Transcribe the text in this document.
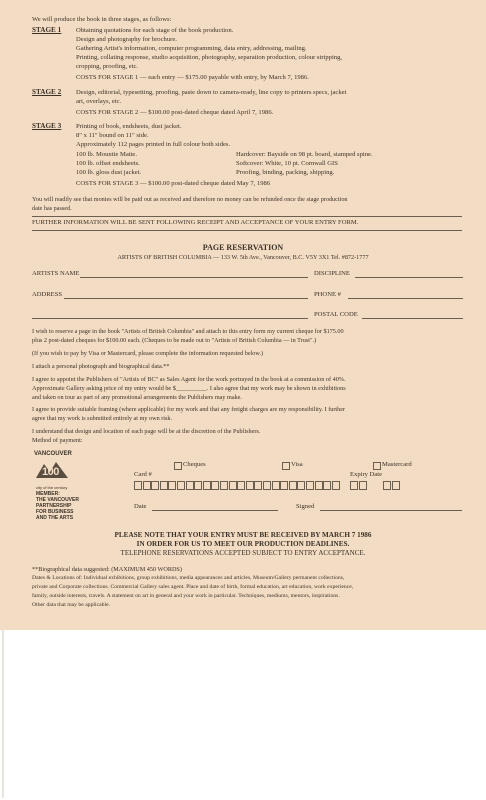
We will produce the book in three stages, as follows:
STAGE 1 Obtaining quotations for each stage of the book production.
Design and photography for brochure.
Gathering Artist's information, computer programming, data entry, addressing, mailing.
Printing, collating response, studio acquisition, photography, separation production, colour stripping,
cropping, proofing, etc.
COSTS FOR STAGE 1 — each entry — $175.00 payable with entry, by March 7, 1986.
STAGE 2 Design, editorial, typesetting, proofing, paste down to camera-ready, line copy to printers specs, jacket
art, overlays, etc.
COSTS FOR STAGE 2 — $100.00 post-dated cheque dated April 7, 1986.
STAGE 3 Printing of book, endsheets, dust jacket.
8" x 11" bound on 11" side.
Approximately 112 pages printed in full colour both sides.
100 lb. Mountie Matte.
100 lb. offset endsheets.
100 lb. gloss dust jacket.
Hardcover: Bayside on 98 pt. board, stamped spine.
Softcover: White, 10 pt. Cornwall GIS
Proofing, binding, packing, shipping.
COSTS FOR STAGE 3 — $100.00 post-dated cheque dated May 7, 1986
You will readily see that monies will be paid out as received and therefore no money can be refunded once the stage production
date has passed.
FURTHER INFORMATION WILL BE SENT FOLLOWING RECEIPT AND ACCEPTANCE OF YOUR ENTRY FORM.
PAGE RESERVATION
ARTISTS OF BRITISH COLUMBIA — 133 W. 5th Ave., Vancouver, B.C. V5Y 3X1 Tel. #872-1777
ARTISTS NAME	DISCIPLINE
ADDRESS	PHONE #
POSTAL CODE
I wish to reserve a page in the book "Artists of British Columbia" and attach to this entry form my current cheque for $175.00
plus 2 post-dated cheques for $100.00 each. (Cheques to be made out to "Artists of British Columbia — in Trust".)
(If you wish to pay by Visa or Mastercard, please complete the information requested below.)
I attach a personal photograph and biographical data.**
I agree to appoint the Publishers of "Artists of BC" as Sales Agent for the work portrayed in the book at a commission of 40%.
Approximate Gallery asking price of my entry would be $__________. I also agree that my work may be shown in exhibitions
and taken on tour as part of any promotional arrangements the Publishers may make.
I agree to provide suitable framing (where applicable) for my work and that any freight charges are my responsibility. I further
agree that my work is submitted entirely at my own risk.
I understand that design and location of each page will be at the discretion of the Publishers.
Method of payment:
VANCOUVER
100
city of the century
MEMBER:
THE VANCOUVER
PARTNERSHIP
FOR BUSINESS
AND THE ARTS
Cheques	Visa	Mastercard
Card #	Expiry Date
Date	Signed
PLEASE NOTE THAT YOUR ENTRY MUST BE RECEIVED BY MARCH 7 1986
IN ORDER FOR US TO MEET OUR PRODUCTION DEADLINES.
TELEPHONE RESERVATIONS ACCEPTED SUBJECT TO ENTRY ACCEPTANCE.
**Biographical data suggested: (MAXIMUM 450 WORDS)
Dates & Locations of: Individual exhibitions, group exhibitions, media appearances and articles, Museum/Gallery permanent collections,
private and Corporate collections. Commercial Gallery sales agent. Place and date of birth, formal education, art education, work experience,
family, outside interests, travels. A statement on art in general and your work in particular. Techniques, mediums, mentors, inspirations.
Other data that may be applicable.
